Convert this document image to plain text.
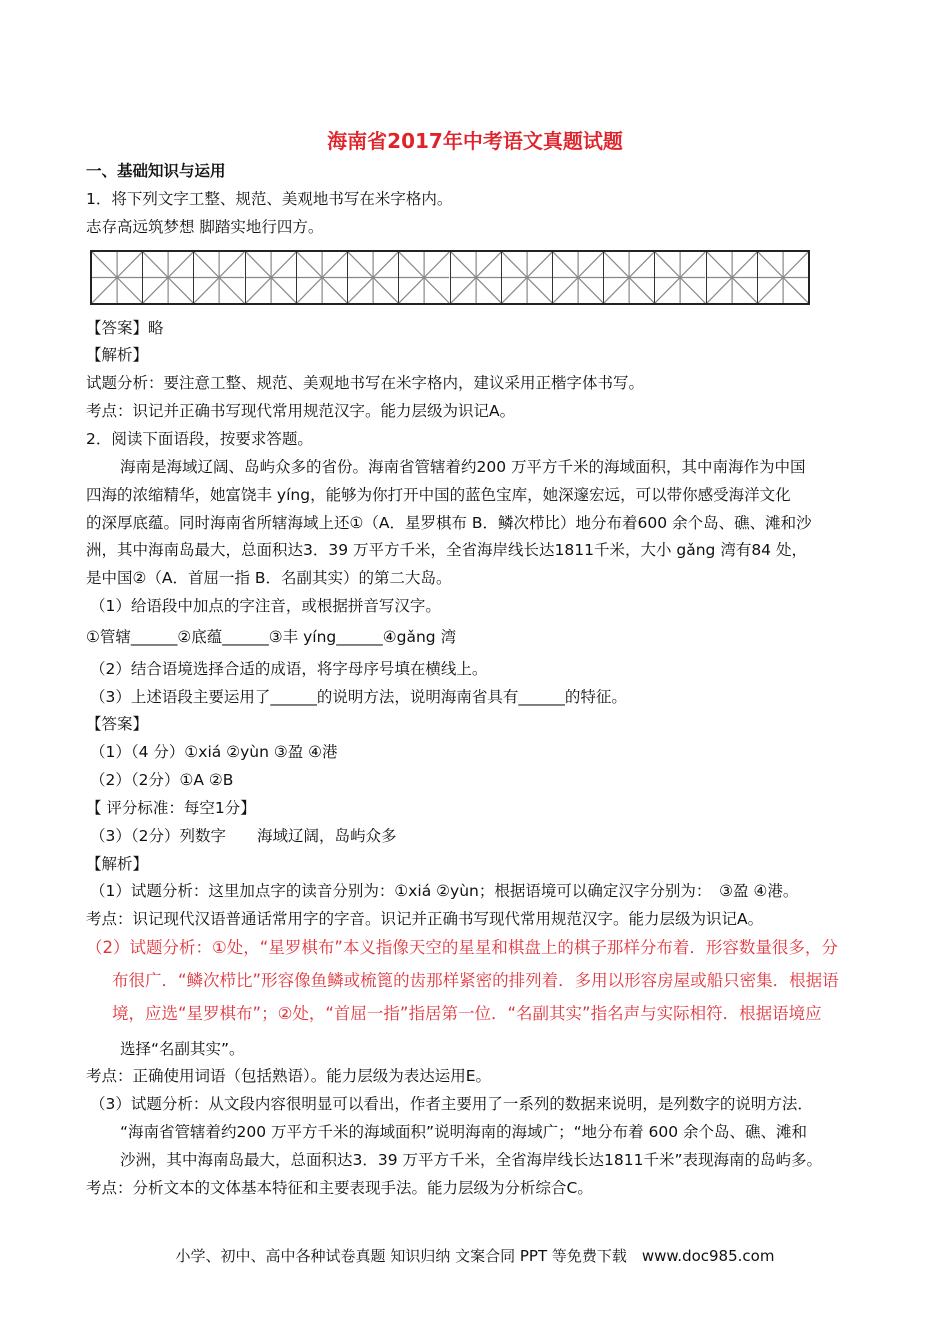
海南省2017年中考语文真题试题
一、基础知识与运用
1．将下列文字工整、规范、美观地书写在米字格内。
志存高远筑梦想 脚踏实地行四方。
【答案】略
【解析】
试题分析：要注意工整、规范、美观地书写在米字格内，建议采用正楷字体书写。
考点：识记并正确书写现代常用规范汉字。能力层级为识记A。
2．阅读下面语段，按要求答题。
海南是海域辽阔、岛屿众多的省份。海南省管辖着约200 万平方千米的海域面积，其中南海作为中国
四海的浓缩精华，她富饶丰 yíng，能够为你打开中国的蓝色宝库，她深邃宏远，可以带你感受海洋文化
的深厚底蕴。同时海南省所辖海域上还①（A．星罗棋布 B．鳞次栉比）地分布着600 余个岛、礁、滩和沙
洲，其中海南岛最大，总面积达3．39 万平方千米，全省海岸线长达1811千米，大小 gǎng 湾有84 处，
是中国②（A．首屈一指 B．名副其实）的第二大岛。
（1）给语段中加点的字注音，或根据拼音写汉字。
①管辖______②底蕴______③丰 yíng______④gǎng 湾
（2）结合语境选择合适的成语，将字母序号填在横线上。
（3）上述语段主要运用了______的说明方法，说明海南省具有______的特征。
【答案】
（1）（4 分）①xiá ②yùn ③盈 ④港
（2）（2分）①A ②B
【 评分标准：每空1分】
（3）（2分）列数字　　海域辽阔，岛屿众多
【解析】
（1）试题分析：这里加点字的读音分别为：①xiá ②yùn；根据语境可以确定汉字分别为：　③盈 ④港。
考点：识记现代汉语普通话常用字的字音。识记并正确书写现代常用规范汉字。能力层级为识记A。
（2）试题分析：①处，“星罗棋布”本义指像天空的星星和棋盘上的棋子那样分布着．形容数量很多，分
布很广．“鳞次栉比”形容像鱼鳞或梳篦的齿那样紧密的排列着．多用以形容房屋或船只密集．根据语
境，应选“星罗棋布”；②处，“首屈一指”指居第一位．“名副其实”指名声与实际相符．根据语境应
选择“名副其实”。
考点：正确使用词语（包括熟语）。能力层级为表达运用E。
（3）试题分析：从文段内容很明显可以看出，作者主要用了一系列的数据来说明，是列数字的说明方法．
“海南省管辖着约200 万平方千米的海域面积”说明海南的海域广；“地分布着 600 余个岛、礁、滩和
沙洲，其中海南岛最大，总面积达3．39 万平方千米，全省海岸线长达1811千米”表现海南的岛屿多。
考点：分析文本的文体基本特征和主要表现手法。能力层级为分析综合C。
小学、初中、高中各种试卷真题 知识归纳 文案合同 PPT 等免费下载　www.doc985.com
